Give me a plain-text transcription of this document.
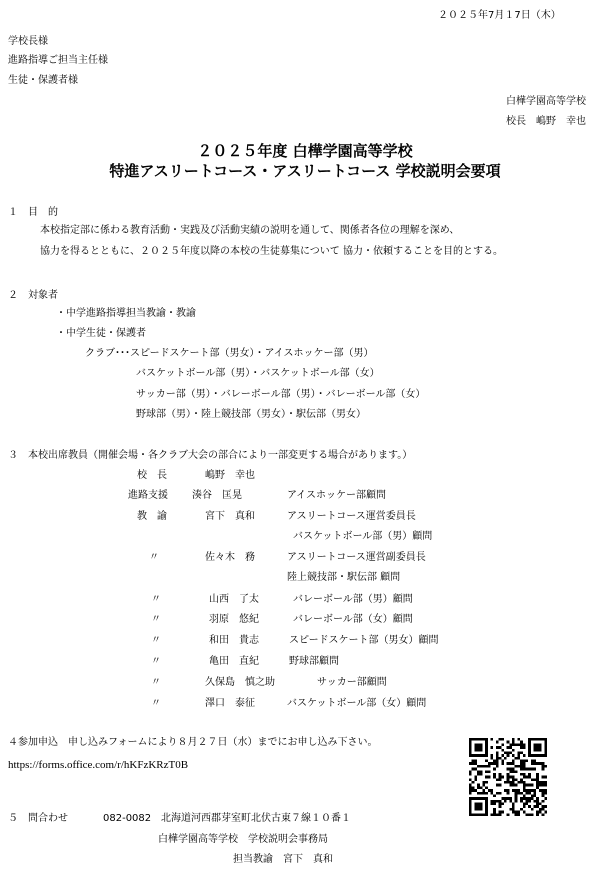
２０２５年7月１7日（木）
学校長様
進路指導ご担当主任様
生徒・保護者様
白樺学園高等学校
校長　嶋野　幸也
２０２５年度 白樺学園高等学校
特進アスリートコース・アスリートコース 学校説明会要項
１　目　的
本校指定部に係わる教育活動・実践及び活動実績の説明を通して、関係者各位の理解を深め、
協力を得るとともに、２０２５年度以降の本校の生徒募集について 協力・依頼することを目的とする。
２　対象者
・中学進路指導担当教諭・教諭
・中学生徒・保護者
クラブ･･･スピードスケート部（男女）・アイスホッケー部（男）
バスケットボール部（男）・バスケットボール部（女）
サッカー部（男）・バレーボール部（男）・バレーボール部（女）
野球部（男）・陸上競技部（男女）・駅伝部（男女）
３　本校出席教員（開催会場・各クラブ大会の部合により一部変更する場合があります。）
校　長	嶋野　幸也
進路支援 湊谷　匡晃	アイスホッケー部顧問
教　諭	宮下　真和	アスリートコース運営委員長
バスケットボール部（男）顧問
〃	佐々木　務	アスリートコース運営副委員長
陸上競技部・駅伝部 顧問
〃	山西　了太	バレーボール部（男）顧問
〃	羽原　悠紀	バレーボール部（女）顧問
〃	和田　貴志	スピードスケート部（男女）顧問
〃	亀田　直紀	野球部顧問
〃	久保島　慎之助	サッカー部顧問
〃	澤口　泰征	バスケットボール部（女）顧問
４参加申込　申し込みフォームにより８月２７日（水）までにお申し込み下さい。
https://forms.office.com/r/hKFzKRzT0B
５　問合わせ	082-0082 北海道河西郡芽室町北伏古東７線１０番１
白樺学園高等学校　学校説明会事務局
担当教諭　宮下　真和
